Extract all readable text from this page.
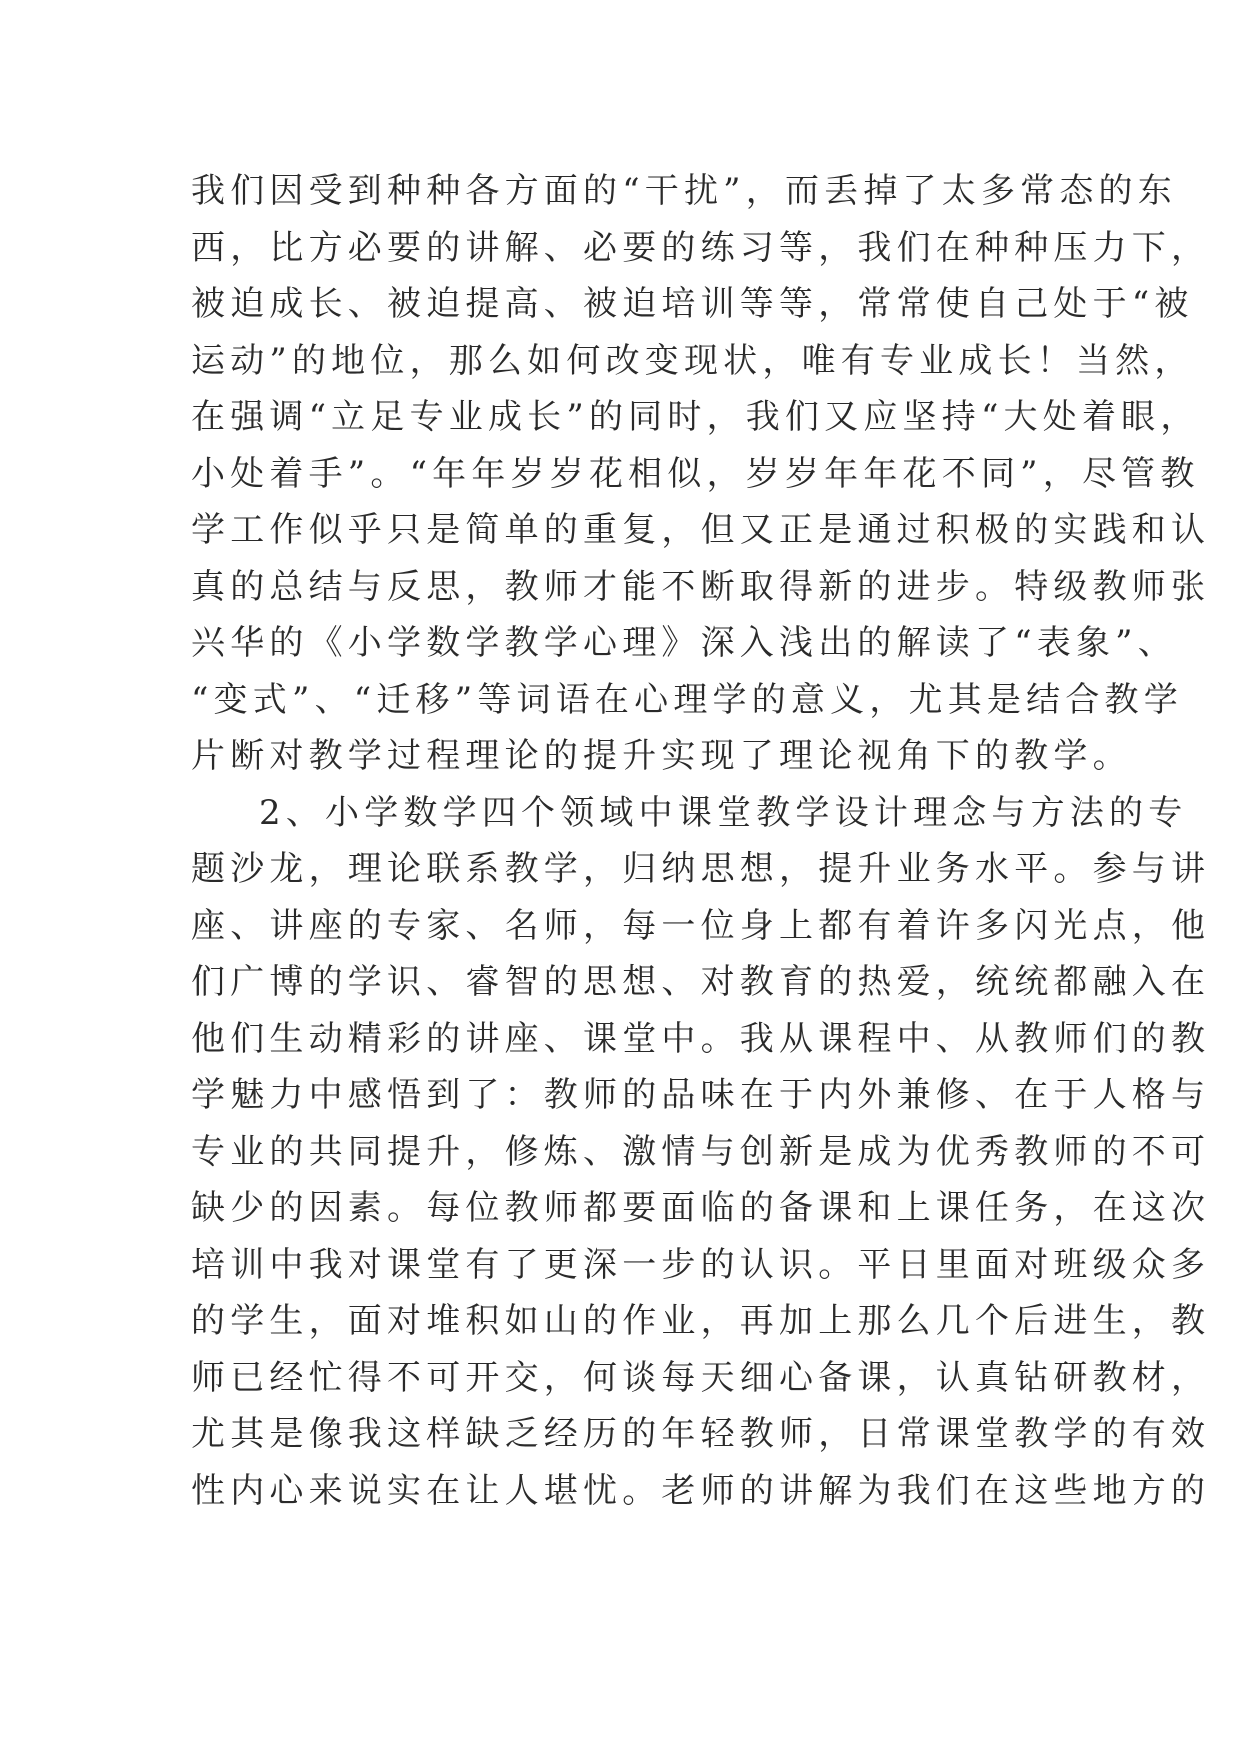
我们因受到种种各方面的“干扰”，而丢掉了太多常态的东
西，比方必要的讲解、必要的练习等，我们在种种压力下，
被迫成长、被迫提高、被迫培训等等，常常使自己处于“被
运动”的地位，那么如何改变现状，唯有专业成长！当然，
在强调“立足专业成长”的同时，我们又应坚持“大处着眼，
小处着手”。“年年岁岁花相似，岁岁年年花不同”，尽管教
学工作似乎只是简单的重复，但又正是通过积极的实践和认
真的总结与反思，教师才能不断取得新的进步。特级教师张
兴华的《小学数学教学心理》深入浅出的解读了“表象”、
“变式”、“迁移”等词语在心理学的意义，尤其是结合教学
片断对教学过程理论的提升实现了理论视角下的教学。
2、小学数学四个领域中课堂教学设计理念与方法的专
题沙龙，理论联系教学，归纳思想，提升业务水平。参与讲
座、讲座的专家、名师，每一位身上都有着许多闪光点，他
们广博的学识、睿智的思想、对教育的热爱，统统都融入在
他们生动精彩的讲座、课堂中。我从课程中、从教师们的教
学魅力中感悟到了：教师的品味在于内外兼修、在于人格与
专业的共同提升，修炼、激情与创新是成为优秀教师的不可
缺少的因素。每位教师都要面临的备课和上课任务，在这次
培训中我对课堂有了更深一步的认识。平日里面对班级众多
的学生，面对堆积如山的作业，再加上那么几个后进生，教
师已经忙得不可开交，何谈每天细心备课，认真钻研教材，
尤其是像我这样缺乏经历的年轻教师，日常课堂教学的有效
性内心来说实在让人堪忧。老师的讲解为我们在这些地方的
